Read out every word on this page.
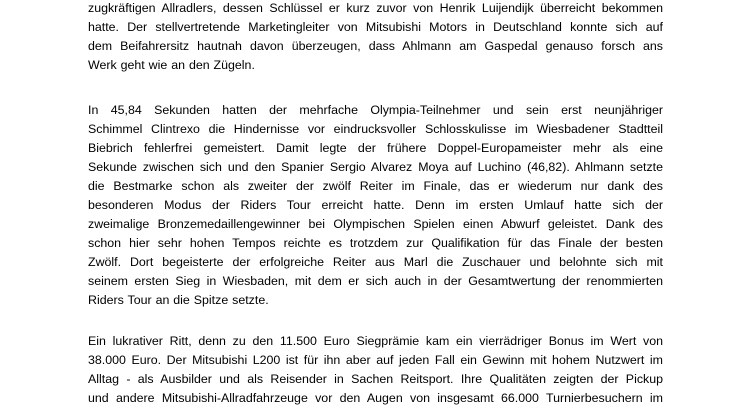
zugkräftigen Allradlers, dessen Schlüssel er kurz zuvor von Henrik Luijendijk überreicht bekommen
hatte. Der stellvertretende Marketingleiter von Mitsubishi Motors in Deutschland konnte sich auf
dem Beifahrersitz hautnah davon überzeugen, dass Ahlmann am Gaspedal genauso forsch ans
Werk geht wie an den Zügeln.
In 45,84 Sekunden hatten der mehrfache Olympia-Teilnehmer und sein erst neunjähriger
Schimmel Clintrexo die Hindernisse vor eindrucksvoller Schlosskulisse im Wiesbadener Stadtteil
Biebrich fehlerfrei gemeistert. Damit legte der frühere Doppel-Europameister mehr als eine
Sekunde zwischen sich und den Spanier Sergio Alvarez Moya auf Luchino (46,82). Ahlmann setzte
die Bestmarke schon als zweiter der zwölf Reiter im Finale, das er wiederum nur dank des
besonderen Modus der Riders Tour erreicht hatte. Denn im ersten Umlauf hatte sich der
zweimalige Bronzemedaillengewinner bei Olympischen Spielen einen Abwurf geleistet. Dank des
schon hier sehr hohen Tempos reichte es trotzdem zur Qualifikation für das Finale der besten
Zwölf. Dort begeisterte der erfolgreiche Reiter aus Marl die Zuschauer und belohnte sich mit
seinem ersten Sieg in Wiesbaden, mit dem er sich auch in der Gesamtwertung der renommierten
Riders Tour an die Spitze setzte.
Ein lukrativer Ritt, denn zu den 11.500 Euro Siegprämie kam ein vierrädriger Bonus im Wert von
38.000 Euro. Der Mitsubishi L200 ist für ihn aber auf jeden Fall ein Gewinn mit hohem Nutzwert im
Alltag - als Ausbilder und als Reisender in Sachen Reitsport. Ihre Qualitäten zeigten der Pickup
und andere Mitsubishi-Allradfahrzeuge vor den Augen von insgesamt 66.000 Turnierbesuchern im
